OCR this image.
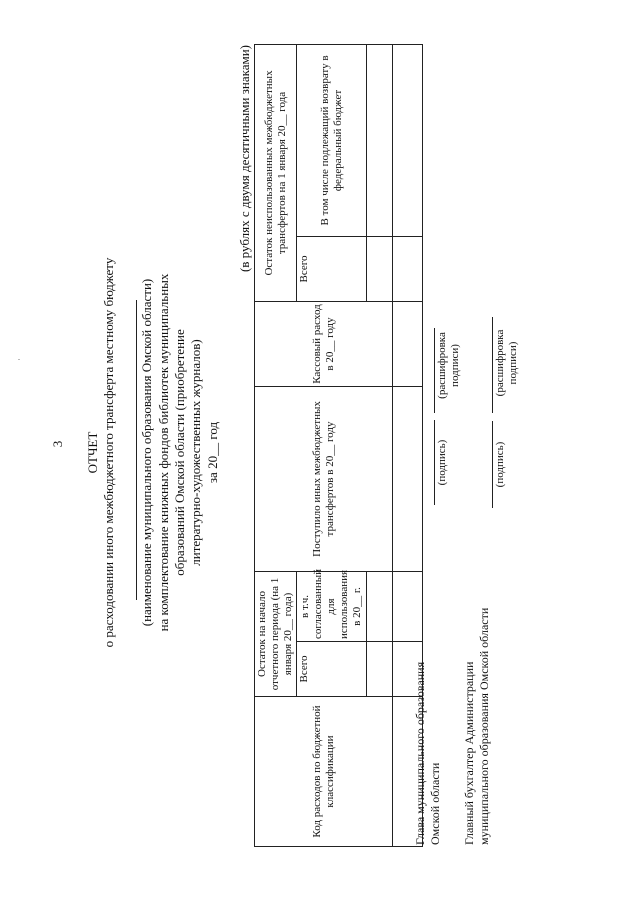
3 ОТЧЕТ о расходовании иного межбюджетного трансферта местному бюджету (наименование муниципального образования Омской области) на комплектование книжных фондов библиотек муниципальных образований Омской области (приобретение литературно-художественных журналов) за 20__ год
(в рублях с двумя десятичными знаками)
Код расходов по бюджетной классификации	Остаток на начало отчетного периода (на 1 января 20__ года)		Поступило иных межбюджетных трансфертов в 20__ году	Кассовый расход в 20__ году	Остаток неиспользованных межбюджетных трансфертов на 1 января 20__ года	
	Всего	в т.ч. согласованный для использования в 20__ г.			Всего	В том числе подлежащий возврату в федеральный бюджет

Глава муниципального образования Омской области
(подпись)
(расшифровка подписи)
Главный бухгалтер Администрации муниципального образования Омской области
(подпись)
(расшифровка подписи)
